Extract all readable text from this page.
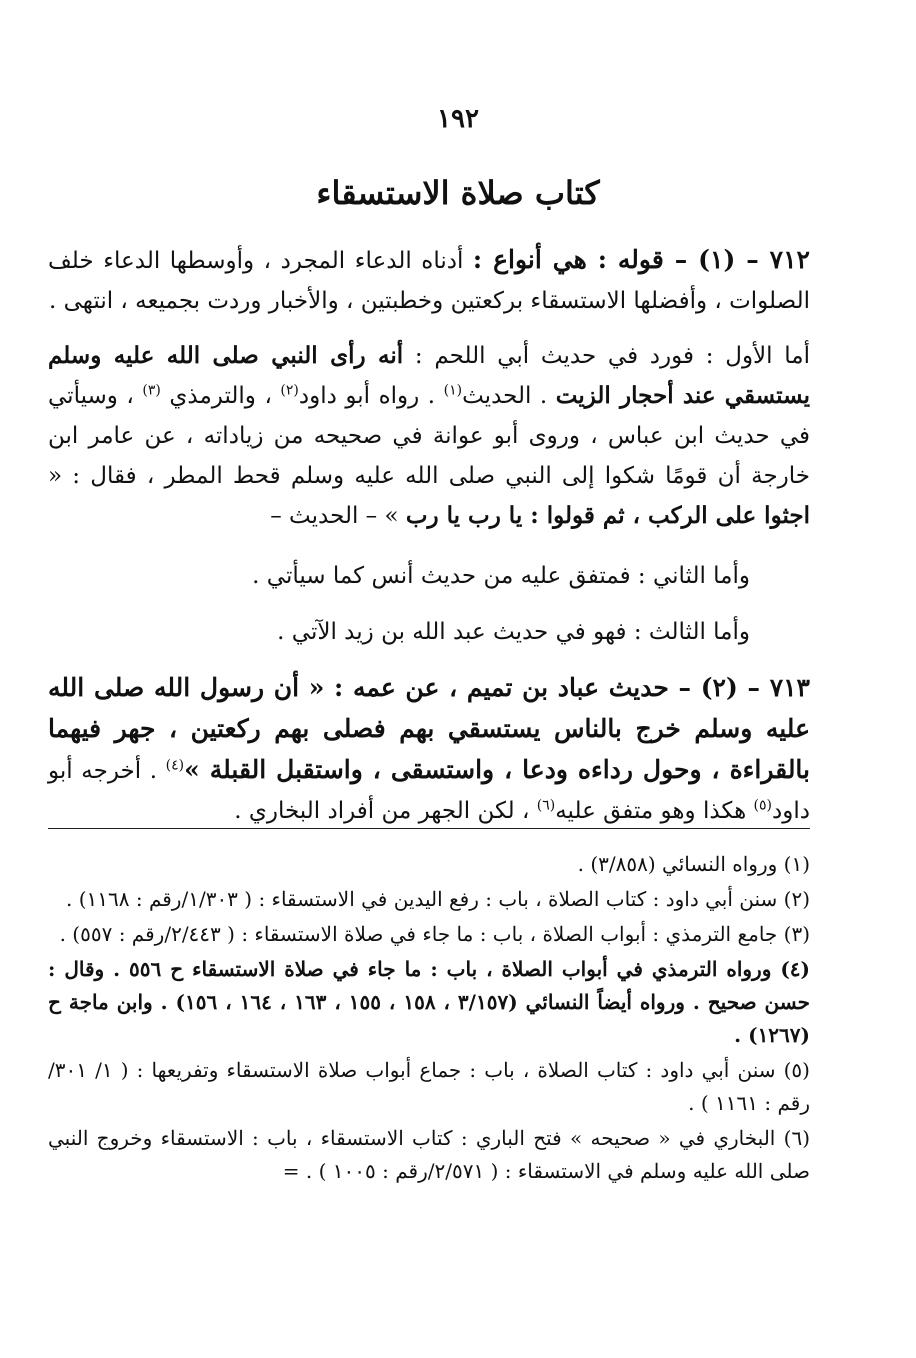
١٩٢
كتاب صلاة الاستسقاء
٧١٢ – (١) – قوله : هي أنواع : أدناه الدعاء المجرد ، وأوسطها الدعاء خلف الصلوات ، وأفضلها الاستسقاء بركعتين وخطبتين ، والأخبار وردت بجميعه ، انتهى .
أما الأول : فورد في حديث أبي اللحم : أنه رأى النبي صلى الله عليه وسلم يستسقي عند أحجار الزيت . الحديث$^{(١)}$ . رواه أبو داود$^{(٢)}$ ، والترمذي $^{(٣)}$ ، وسيأتي في حديث ابن عباس ، وروى أبو عوانة في صحيحه من زياداته ، عن عامر ابن خارجة أن قومًا شكوا إلى النبي صلى الله عليه وسلم قحط المطر ، فقال : « اجثوا على الركب ، ثم قولوا : يا رب يا رب » – الحديث –
وأما الثاني : فمتفق عليه من حديث أنس كما سيأتي .
وأما الثالث : فهو في حديث عبد الله بن زيد الآتي .
٧١٣ – (٢) – حديث عباد بن تميم ، عن عمه : « أن رسول الله صلى الله عليه وسلم خرج بالناس يستسقي بهم فصلى بهم ركعتين ، جهر فيهما بالقراءة ، وحول رداءه ودعا ، واستسقى ، واستقبل القبلة »$^{(٤)}$ . أخرجه أبو داود$^{(٥)}$ هكذا وهو متفق عليه$^{(٦)}$ ، لكن الجهر من أفراد البخاري .
(١) ورواه النسائي (٣/٨٥٨) .
(٢) سنن أبي داود : كتاب الصلاة ، باب : رفع اليدين في الاستسقاء : ( ١/٣٠٣/رقم : ١١٦٨) .
(٣) جامع الترمذي : أبواب الصلاة ، باب : ما جاء في صلاة الاستسقاء : ( ٢/٤٤٣/رقم : ٥٥٧) .
(٤) ورواه الترمذي في أبواب الصلاة ، باب : ما جاء في صلاة الاستسقاء ح ٥٥٦ . وقال : حسن صحيح . ورواه أيضاً النسائي (٣/١٥٧ ، ١٥٨ ، ١٥٥ ، ١٦٣ ، ١٦٤ ، ١٥٦) . وابن ماجة ح (١٢٦٧) .
(٥) سنن أبي داود : كتاب الصلاة ، باب : جماع أبواب صلاة الاستسقاء وتفريعها : ( ١/ ٣٠١/رقم : ١١٦١ ) .
(٦) البخاري في « صحيحه » فتح الباري : كتاب الاستسقاء ، باب : الاستسقاء وخروج النبي صلى الله عليه وسلم في الاستسقاء : ( ٢/٥٧١/رقم : ١٠٠٥ ) . =
